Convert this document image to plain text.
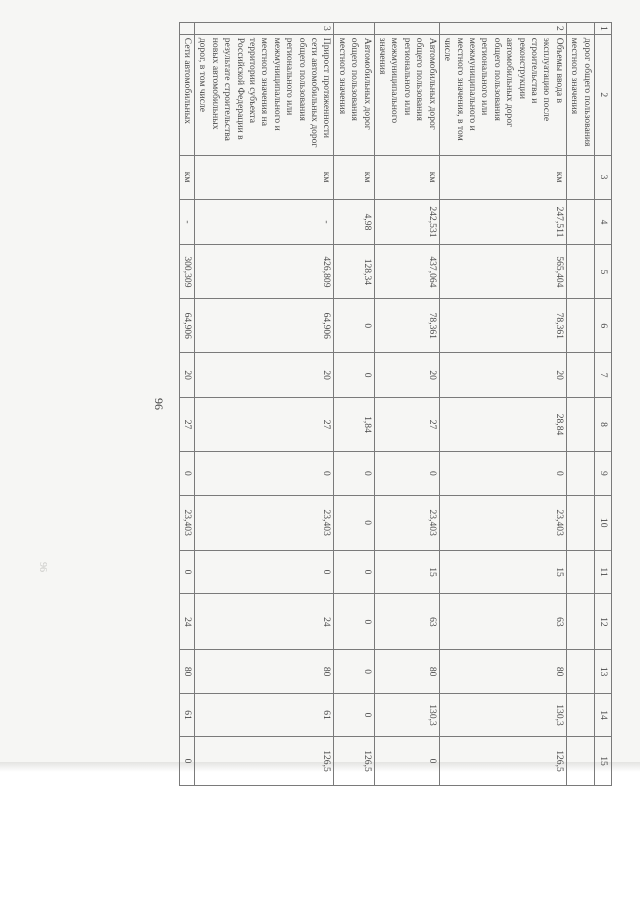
96
1	2	3	4	5	6	7	8	9	10	11	12	13	14	15
	дорог общего пользования местного значения													
2	Объемы ввода в эксплуатацию после строительства и реконструкции автомобильных дорог общего пользования регионального или межмуниципального и местного значения, в том числе	км	247,511	565,404	78,361	20	28,84	0	23,403	15	63	80	130,3	126,5
	Автомобильных дорог общего пользования регионального или межмуниципального значения	км	242,531	437,064	78,361	20	27	0	23,403	15	63	80	130,3	0
	Автомобильных дорог общего пользования местного значения	км	4,98	128,34	0	0	1,84	0	0	0	0	0	0	126,5
3	Прирост протяженности сети автомобильных дорог общего пользования регионального или межмуниципального и местного значения на территории субъекта Российской Федерации в результате строительства новых автомобильных дорог, в том числе	км	-	426,809	64,906	20	27	0	23,403	0	24	80	61	126,5
	Сети автомобильных	км	-	300,309	64,906	20	27	0	23,403	0	24	80	61	0
96
